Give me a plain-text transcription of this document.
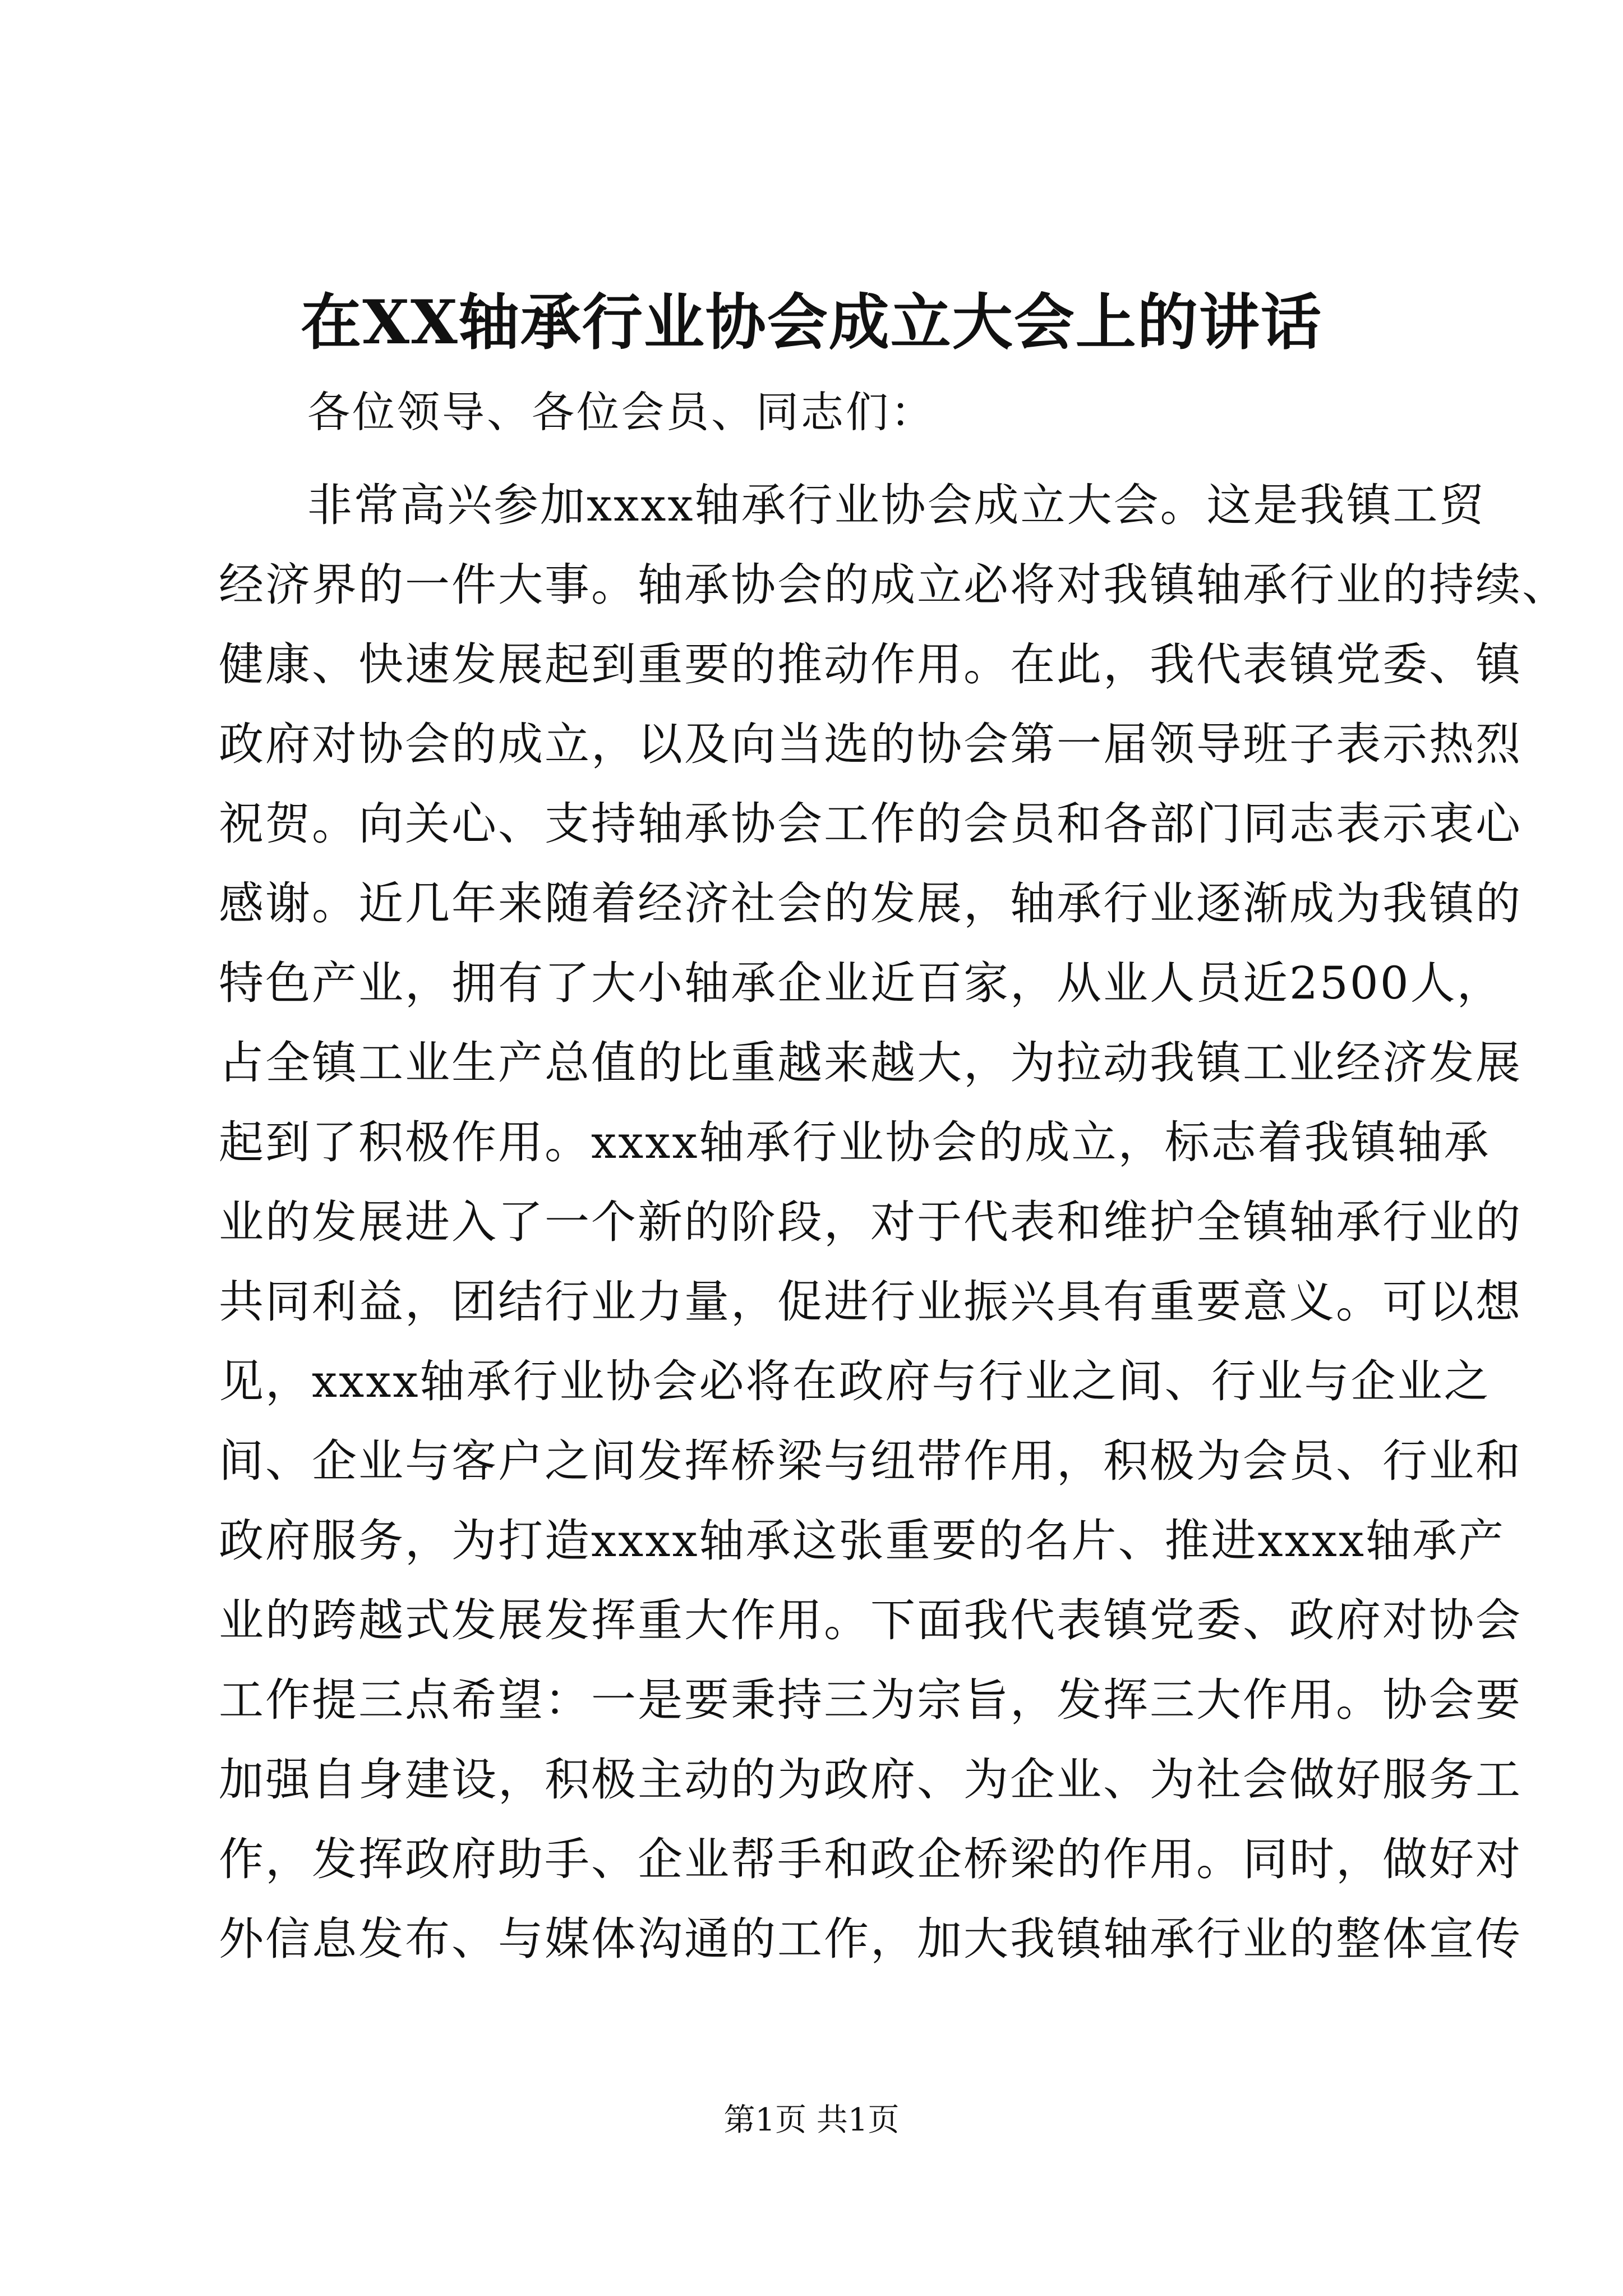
在XX轴承行业协会成立大会上的讲话
各位领导、各位会员、同志们：
非常高兴参加xxxx轴承行业协会成立大会。这是我镇工贸
经济界的一件大事。轴承协会的成立必将对我镇轴承行业的持续、
健康、快速发展起到重要的推动作用。在此，我代表镇党委、镇
政府对协会的成立，以及向当选的协会第一届领导班子表示热烈
祝贺。向关心、支持轴承协会工作的会员和各部门同志表示衷心
感谢。近几年来随着经济社会的发展，轴承行业逐渐成为我镇的
特色产业，拥有了大小轴承企业近百家，从业人员近2500人，
占全镇工业生产总值的比重越来越大，为拉动我镇工业经济发展
起到了积极作用。xxxx轴承行业协会的成立，标志着我镇轴承
业的发展进入了一个新的阶段，对于代表和维护全镇轴承行业的
共同利益，团结行业力量，促进行业振兴具有重要意义。可以想
见，xxxx轴承行业协会必将在政府与行业之间、行业与企业之
间、企业与客户之间发挥桥梁与纽带作用，积极为会员、行业和
政府服务，为打造xxxx轴承这张重要的名片、推进xxxx轴承产
业的跨越式发展发挥重大作用。下面我代表镇党委、政府对协会
工作提三点希望：一是要秉持三为宗旨，发挥三大作用。协会要
加强自身建设，积极主动的为政府、为企业、为社会做好服务工
作，发挥政府助手、企业帮手和政企桥梁的作用。同时，做好对
外信息发布、与媒体沟通的工作，加大我镇轴承行业的整体宣传
第1页 共1页
